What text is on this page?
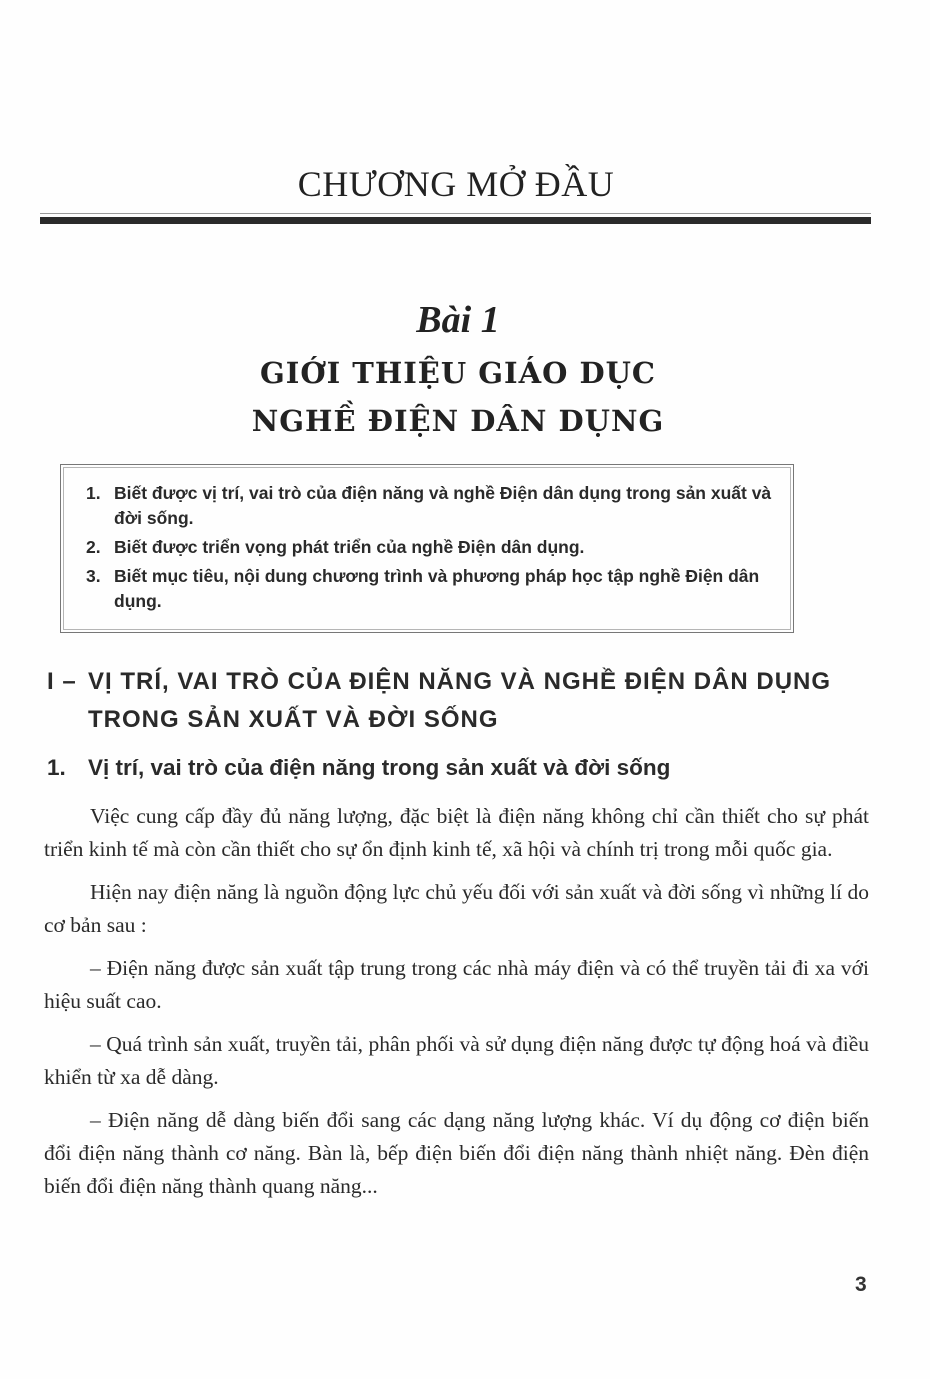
CHƯƠNG MỞ ĐẦU
Bài 1
GIỚI THIỆU GIÁO DỤC
NGHỀ ĐIỆN DÂN DỤNG
1. Biết được vị trí, vai trò của điện năng và nghề Điện dân dụng trong sản xuất và đời sống.
2. Biết được triển vọng phát triển của nghề Điện dân dụng.
3. Biết mục tiêu, nội dung chương trình và phương pháp học tập nghề Điện dân dụng.
I – VỊ TRÍ, VAI TRÒ CỦA ĐIỆN NĂNG VÀ NGHỀ ĐIỆN DÂN DỤNG TRONG SẢN XUẤT VÀ ĐỜI SỐNG
1. Vị trí, vai trò của điện năng trong sản xuất và đời sống

Việc cung cấp đầy đủ năng lượng, đặc biệt là điện năng không chỉ cần thiết cho sự phát triển kinh tế mà còn cần thiết cho sự ổn định kinh tế, xã hội và chính trị trong mỗi quốc gia.

Hiện nay điện năng là nguồn động lực chủ yếu đối với sản xuất và đời sống vì những lí do cơ bản sau :

– Điện năng được sản xuất tập trung trong các nhà máy điện và có thể truyền tải đi xa với hiệu suất cao.

– Quá trình sản xuất, truyền tải, phân phối và sử dụng điện năng được tự động hoá và điều khiển từ xa dễ dàng.

– Điện năng dễ dàng biến đổi sang các dạng năng lượng khác. Ví dụ động cơ điện biến đổi điện năng thành cơ năng. Bàn là, bếp điện biến đổi điện năng thành nhiệt năng. Đèn điện biến đổi điện năng thành quang năng...

3
